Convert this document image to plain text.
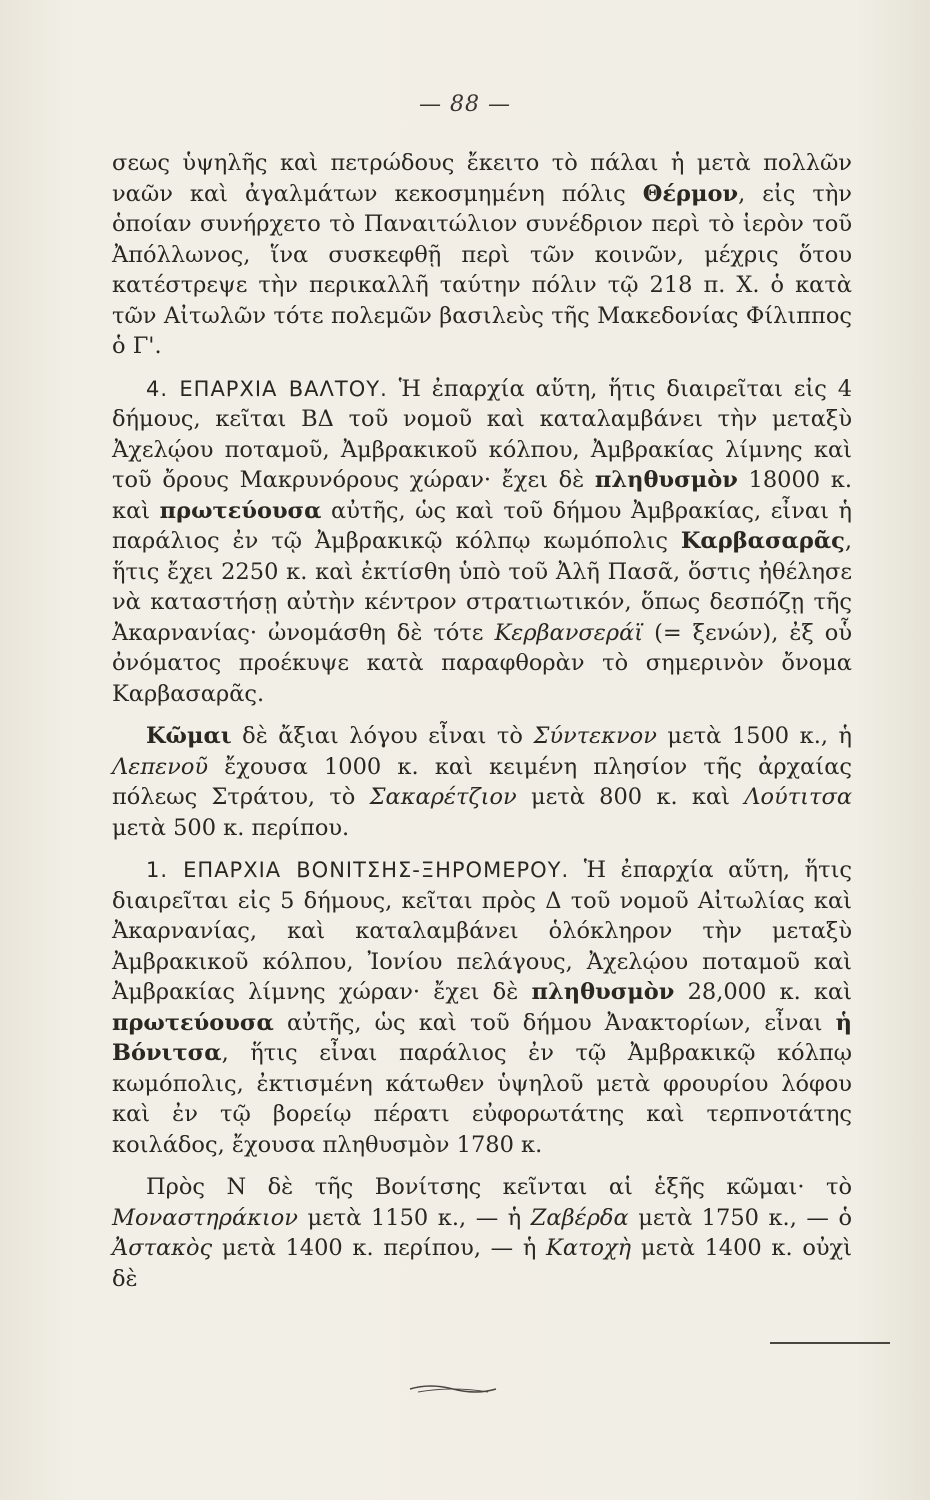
— 88 —

σεως ὑψηλῆς καὶ πετρώδους ἔκειτο τὸ πάλαι ἡ μετὰ πολλῶν ναῶν καὶ ἀγαλμάτων κεκοσμημένη πόλις Θέρμον, εἰς τὴν ὁποίαν συνήρχετο τὸ Παναιτώλιον συνέδριον περὶ τὸ ἱερὸν τοῦ Ἀπόλλωνος, ἵνα συσκεφθῇ περὶ τῶν κοινῶν, μέχρις ὅτου κατέστρεψε τὴν περικαλλῆ ταύτην πόλιν τῷ 218 π. Χ. ὁ κατὰ τῶν Αἰτωλῶν τότε πολεμῶν βασιλεὺς τῆς Μακεδονίας Φίλιππος ὁ Γ'.

4. ΕΠΑΡΧΙΑ ΒΑΛΤΟΥ. Ἡ ἐπαρχία αὕτη, ἥτις διαιρεῖται εἰς 4 δήμους, κεῖται ΒΔ τοῦ νομοῦ καὶ καταλαμβάνει τὴν μεταξὺ Ἀχελῴου ποταμοῦ, Ἀμβρακικοῦ κόλπου, Ἀμβρακίας λίμνης καὶ τοῦ ὄρους Μακρυνόρους χώραν· ἔχει δὲ πληθυσμὸν 18000 κ. καὶ πρωτεύουσα αὐτῆς, ὡς καὶ τοῦ δήμου Ἀμβρακίας, εἶναι ἡ παράλιος ἐν τῷ Ἀμβρακικῷ κόλπῳ κωμόπολις Καρβασαρᾶς, ἥτις ἔχει 2250 κ. καὶ ἐκτίσθη ὑπὸ τοῦ Ἀλῆ Πασᾶ, ὅστις ἠθέλησε νὰ καταστήσῃ αὐτὴν κέντρον στρατιωτικόν, ὅπως δεσπόζῃ τῆς Ἀκαρνανίας· ὠνομάσθη δὲ τότε Κερβανσεράϊ (= ξενών), ἐξ οὗ ὀνόματος προέκυψε κατὰ παραφθορὰν τὸ σημερινὸν ὄνομα Καρβασαρᾶς.

Κῶμαι δὲ ἄξιαι λόγου εἶναι τὸ Σύντεκνον μετὰ 1500 κ., ἡ Λεπενοῦ ἔχουσα 1000 κ. καὶ κειμένη πλησίον τῆς ἀρχαίας πόλεως Στράτου, τὸ Σακαρέτζιον μετὰ 800 κ. καὶ Λούτιτσα μετὰ 500 κ. περίπου.

1. ΕΠΑΡΧΙΑ ΒΟΝΙΤΣΗΣ-ΞΗΡΟΜΕΡΟΥ. Ἡ ἐπαρχία αὕτη, ἥτις διαιρεῖται εἰς 5 δήμους, κεῖται πρὸς Δ τοῦ νομοῦ Αἰτωλίας καὶ Ἀκαρνανίας, καὶ καταλαμβάνει ὁλόκληρον τὴν μεταξὺ Ἀμβρακικοῦ κόλπου, Ἰονίου πελάγους, Ἀχελῴου ποταμοῦ καὶ Ἀμβρακίας λίμνης χώραν· ἔχει δὲ πληθυσμὸν 28,000 κ. καὶ πρωτεύουσα αὐτῆς, ὡς καὶ τοῦ δήμου Ἀνακτορίων, εἶναι ἡ Βόνιτσα, ἥτις εἶναι παράλιος ἐν τῷ Ἀμβρακικῷ κόλπῳ κωμόπολις, ἐκτισμένη κάτωθεν ὑψηλοῦ μετὰ φρουρίου λόφου καὶ ἐν τῷ βορείῳ πέρατι εὐφορωτάτης καὶ τερπνοτάτης κοιλάδος, ἔχουσα πληθυσμὸν 1780 κ.

Πρὸς Ν δὲ τῆς Βονίτσης κεῖνται αἱ ἑξῆς κῶμαι· τὸ Μοναστηράκιον μετὰ 1150 κ., — ἡ Ζαβέρδα μετὰ 1750 κ., — ὁ Ἀστακὸς μετὰ 1400 κ. περίπου, — ἡ Κατοχὴ μετὰ 1400 κ. οὐχὶ δὲ
